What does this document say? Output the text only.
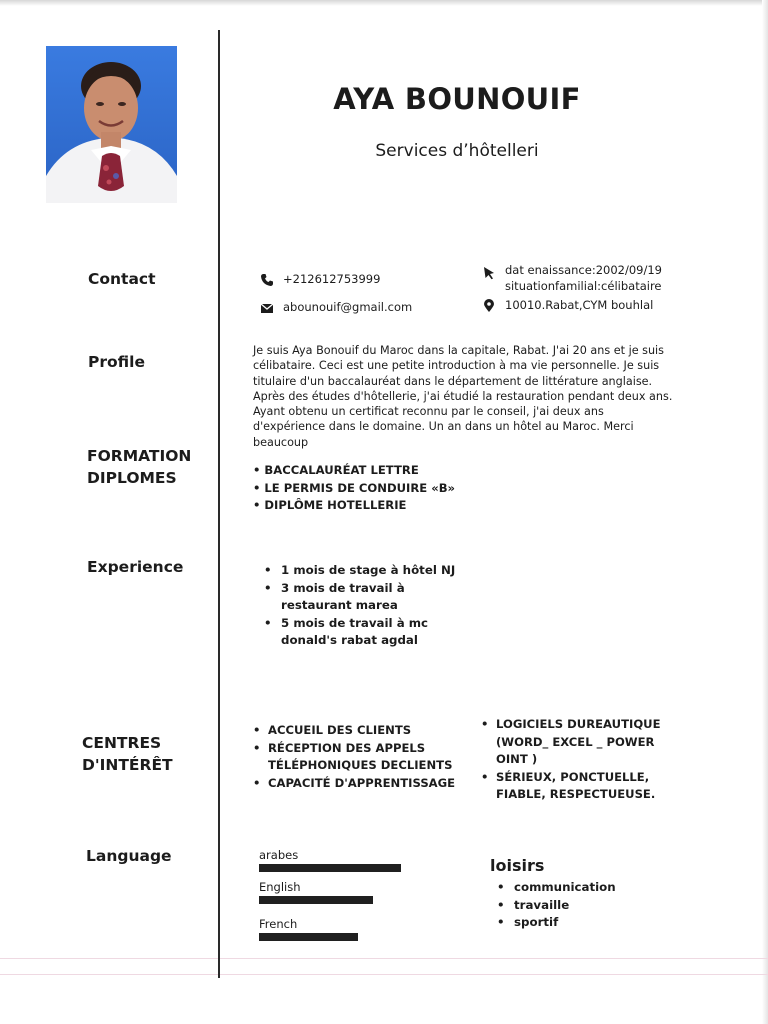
AYA BOUNOUIF
Services d’hôtelleri
Contact
Profile
FORMATION
DIPLOMES
Experience
CENTRES
D'INTÉRÊT
Language
+212612753999
abounouif@gmail.com
dat enaissance:2002/09/19
situationfamilial:célibataire
10010.Rabat,CYM bouhlal
Je suis Aya Bonouif du Maroc dans la capitale, Rabat. J'ai 20 ans et je suis célibataire. Ceci est une petite introduction à ma vie personnelle. Je suis titulaire d'un baccalauréat dans le département de littérature anglaise. Après des études d'hôtellerie, j'ai étudié la restauration pendant deux ans. Ayant obtenu un certificat reconnu par le conseil, j'ai deux ans d'expérience dans le domaine. Un an dans un hôtel au Maroc. Merci beaucoup
• BACCALAURÉAT LETTRE
• LE PERMIS DE CONDUIRE «B»
• DIPLÔME HOTELLERIE
• 1 mois de stage à hôtel NJ
• 3 mois de travail à restaurant marea
• 5 mois de travail à mc donald's rabat agdal
• ACCUEIL DES CLIENTS
• RÉCEPTION DES APPELS TÉLÉPHONIQUES DECLIENTS
• CAPACITÉ D'APPRENTISSAGE
• LOGICIELS DUREAUTIQUE (WORD_ EXCEL _ POWER OINT )
• SÉRIEUX, PONCTUELLE, FIABLE, RESPECTUEUSE.
arabes
English
French
loisirs
• communication
• travaille
• sportif
